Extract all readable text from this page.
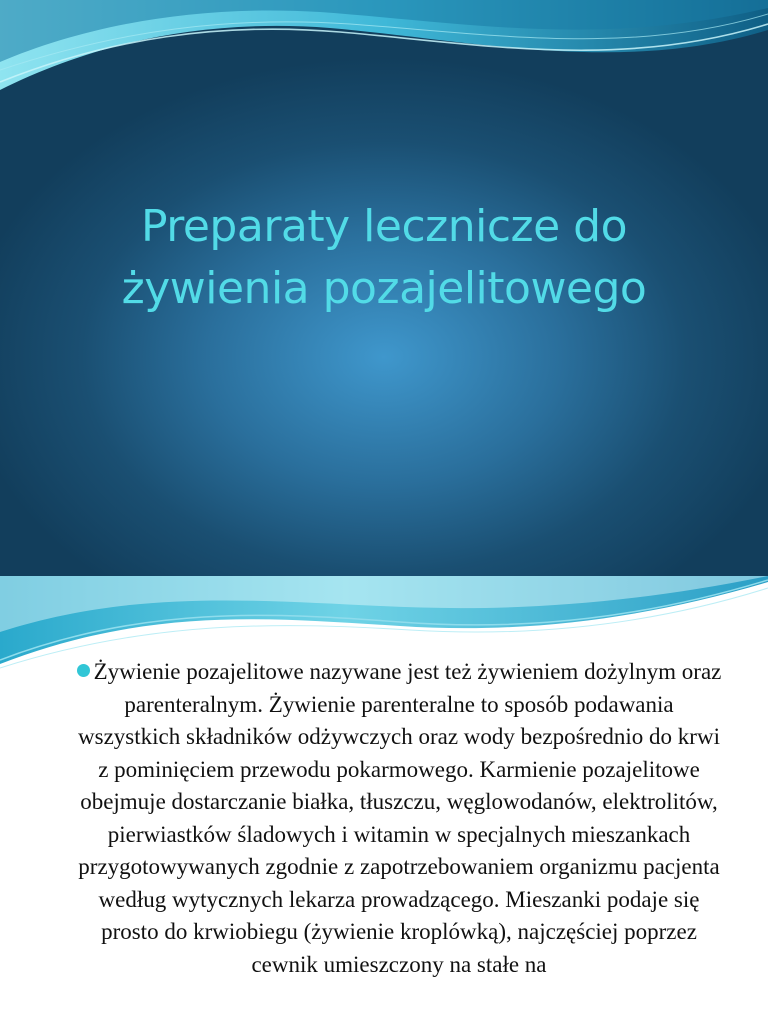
Preparaty lecznicze do
żywienia pozajelitowego

Żywienie pozajelitowe nazywane jest też żywieniem dożylnym oraz parenteralnym. Żywienie parenteralne to sposób podawania wszystkich składników odżywczych oraz wody bezpośrednio do krwi z pominięciem przewodu pokarmowego. Karmienie pozajelitowe obejmuje dostarczanie białka, tłuszczu, węglowodanów, elektrolitów, pierwiastków śladowych i witamin w specjalnych mieszankach przygotowywanych zgodnie z zapotrzebowaniem organizmu pacjenta według wytycznych lekarza prowadzącego. Mieszanki podaje się prosto do krwiobiegu (żywienie kroplówką), najczęściej poprzez cewnik umieszczony na stałe na
